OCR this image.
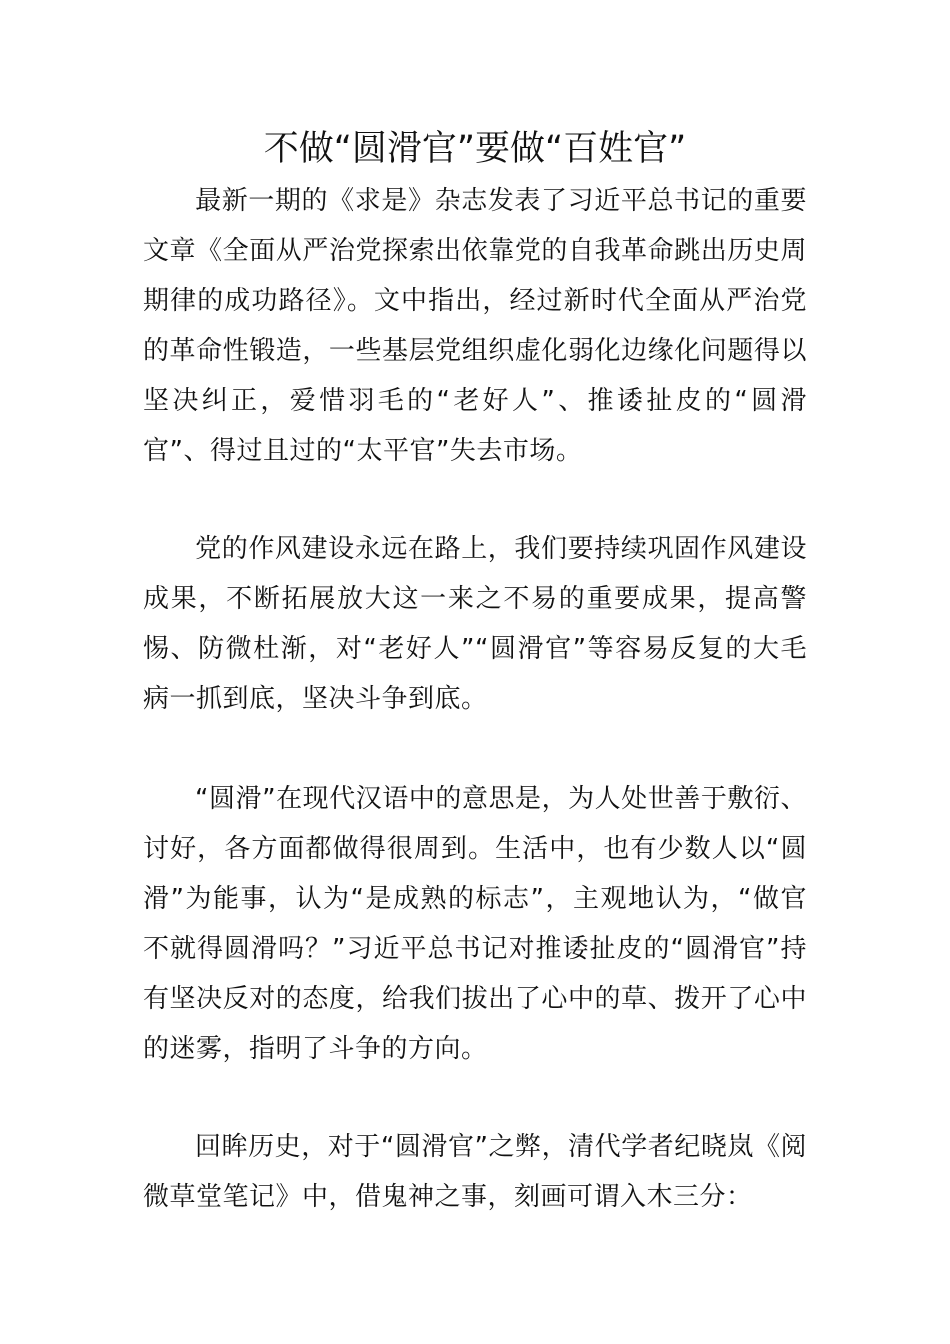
不做“圆滑官”要做“百姓官”

最新一期的《求是》杂志发表了习近平总书记的重要文章《全面从严治党探索出依靠党的自我革命跳出历史周期律的成功路径》。文中指出，经过新时代全面从严治党的革命性锻造，一些基层党组织虚化弱化边缘化问题得以坚决纠正，爱惜羽毛的“老好人”、推诿扯皮的“圆滑官”、得过且过的“太平官”失去市场。

党的作风建设永远在路上，我们要持续巩固作风建设成果，不断拓展放大这一来之不易的重要成果，提高警惕、防微杜渐，对“老好人”“圆滑官”等容易反复的大毛病一抓到底，坚决斗争到底。

“圆滑”在现代汉语中的意思是，为人处世善于敷衍、讨好，各方面都做得很周到。生活中，也有少数人以“圆滑”为能事，认为“是成熟的标志”，主观地认为，“做官不就得圆滑吗？”习近平总书记对推诿扯皮的“圆滑官”持有坚决反对的态度，给我们拔出了心中的草、拨开了心中的迷雾，指明了斗争的方向。

回眸历史，对于“圆滑官”之弊，清代学者纪晓岚《阅微草堂笔记》中，借鬼神之事，刻画可谓入木三分：
